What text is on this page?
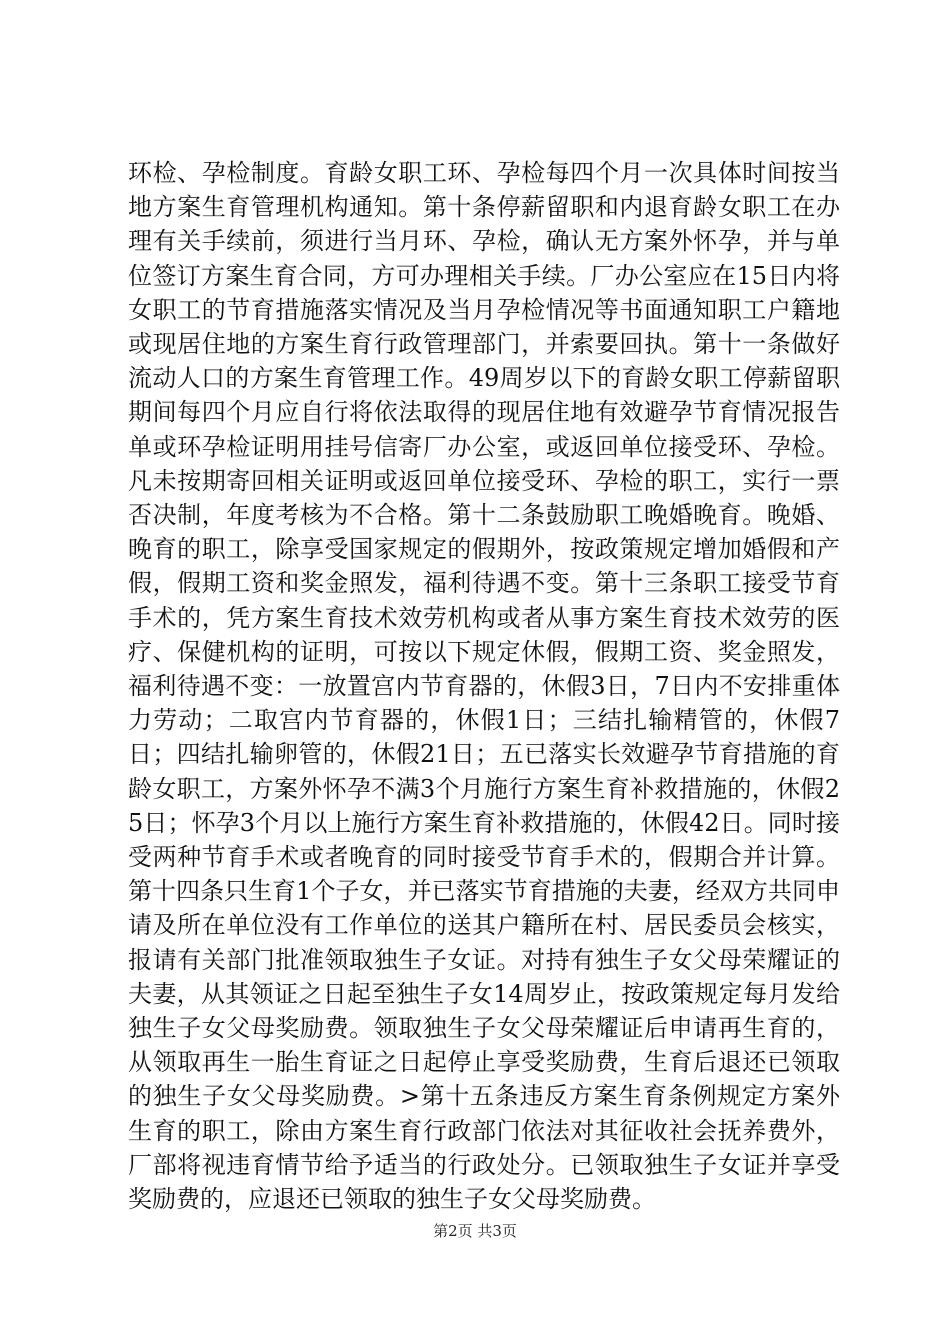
环检、孕检制度。育龄女职工环、孕检每四个月一次具体时间按当地方案生育管理机构通知。第十条停薪留职和内退育龄女职工在办理有关手续前，须进行当月环、孕检，确认无方案外怀孕，并与单位签订方案生育合同，方可办理相关手续。厂办公室应在15日内将女职工的节育措施落实情况及当月孕检情况等书面通知职工户籍地或现居住地的方案生育行政管理部门，并索要回执。第十一条做好流动人口的方案生育管理工作。49周岁以下的育龄女职工停薪留职期间每四个月应自行将依法取得的现居住地有效避孕节育情况报告单或环孕检证明用挂号信寄厂办公室，或返回单位接受环、孕检。凡未按期寄回相关证明或返回单位接受环、孕检的职工，实行一票否决制，年度考核为不合格。第十二条鼓励职工晚婚晚育。晚婚、晚育的职工，除享受国家规定的假期外，按政策规定增加婚假和产假，假期工资和奖金照发，福利待遇不变。第十三条职工接受节育手术的，凭方案生育技术效劳机构或者从事方案生育技术效劳的医疗、保健机构的证明，可按以下规定休假，假期工资、奖金照发，福利待遇不变：一放置宫内节育器的，休假3日，7日内不安排重体力劳动；二取宫内节育器的，休假1日；三结扎输精管的，休假7日；四结扎输卵管的，休假21日；五已落实长效避孕节育措施的育龄女职工，方案外怀孕不满3个月施行方案生育补救措施的，休假25日；怀孕3个月以上施行方案生育补救措施的，休假42日。同时接受两种节育手术或者晚育的同时接受节育手术的，假期合并计算。第十四条只生育1个子女，并已落实节育措施的夫妻，经双方共同申请及所在单位没有工作单位的送其户籍所在村、居民委员会核实，报请有关部门批准领取独生子女证。对持有独生子女父母荣耀证的夫妻，从其领证之日起至独生子女14周岁止，按政策规定每月发给独生子女父母奖励费。领取独生子女父母荣耀证后申请再生育的，从领取再生一胎生育证之日起停止享受奖励费，生育后退还已领取的独生子女父母奖励费。>第十五条违反方案生育条例规定方案外生育的职工，除由方案生育行政部门依法对其征收社会抚养费外，厂部将视违育情节给予适当的行政处分。已领取独生子女证并享受奖励费的，应退还已领取的独生子女父母奖励费。

第2页 共3页
